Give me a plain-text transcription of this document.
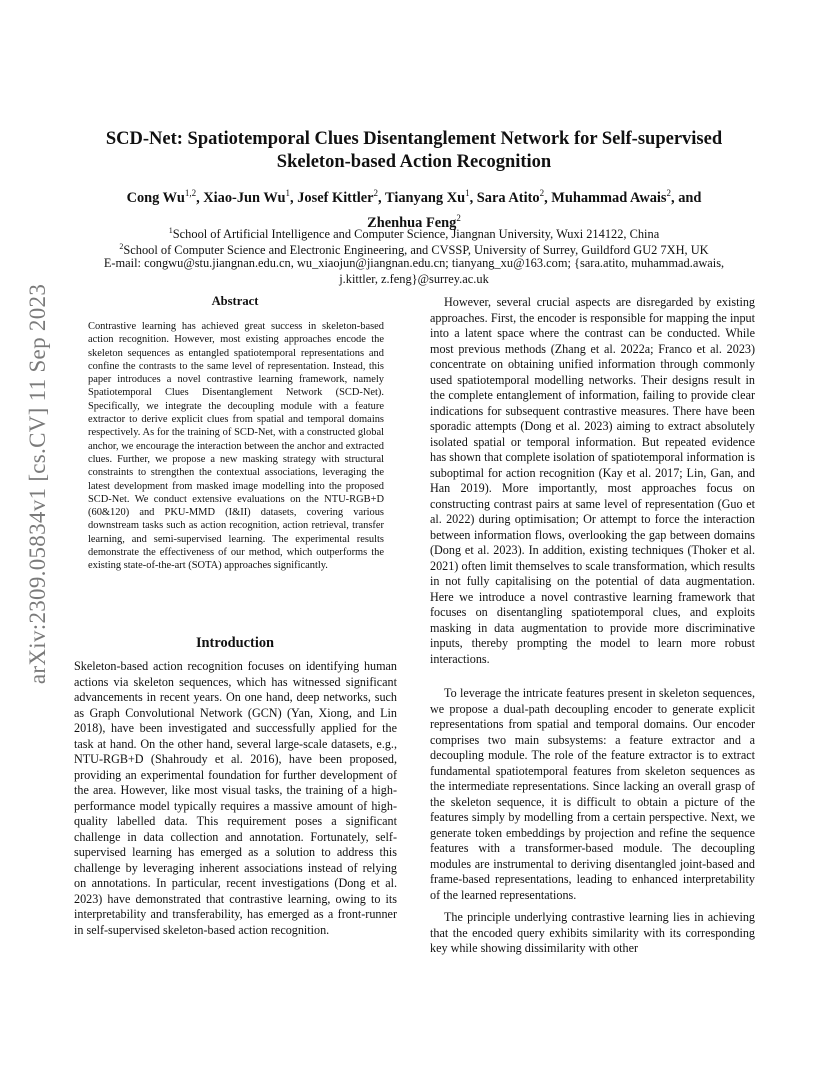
arXiv:2309.05834v1 [cs.CV] 11 Sep 2023
SCD-Net: Spatiotemporal Clues Disentanglement Network for Self-supervised
Skeleton-based Action Recognition
Cong Wu$^{1,2}$, Xiao-Jun Wu$^1$, Josef Kittler$^2$, Tianyang Xu$^1$, Sara Atito$^2$, Muhammad Awais$^2$, and
Zhenhua Feng$^2$

$^1$School of Artificial Intelligence and Computer Science, Jiangnan University, Wuxi 214122, China

$^2$School of Computer Science and Electronic Engineering, and CVSSP, University of Surrey, Guildford GU2 7XH, UK

E-mail: congwu@stu.jiangnan.edu.cn, wu_xiaojun@jiangnan.edu.cn; tianyang_xu@163.com; {sara.atito, muhammad.awais,

j.kittler, z.feng}@surrey.ac.uk

Abstract

Contrastive learning has achieved great success in skeleton-based action recognition. However, most existing approaches encode the skeleton sequences as entangled spatiotemporal representations and confine the contrasts to the same level of representation. Instead, this paper introduces a novel contrastive learning framework, namely Spatiotemporal Clues Disentanglement Network (SCD-Net). Specifically, we integrate the decoupling module with a feature extractor to derive explicit clues from spatial and temporal domains respectively. As for the training of SCD-Net, with a constructed global anchor, we encourage the interaction between the anchor and extracted clues. Further, we propose a new masking strategy with structural constraints to strengthen the contextual associations, leveraging the latest development from masked image modelling into the proposed SCD-Net. We conduct extensive evaluations on the NTU-RGB+D (60&120) and PKU-MMD (I&II) datasets, covering various downstream tasks such as action recognition, action retrieval, transfer learning, and semi-supervised learning. The experimental results demonstrate the effectiveness of our method, which outperforms the existing state-of-the-art (SOTA) approaches significantly.

Introduction

Skeleton-based action recognition focuses on identifying human actions via skeleton sequences, which has witnessed significant advancements in recent years. On one hand, deep networks, such as Graph Convolutional Network (GCN) (Yan, Xiong, and Lin 2018), have been investigated and successfully applied for the task at hand. On the other hand, several large-scale datasets, e.g., NTU-RGB+D (Shahroudy et al. 2016), have been proposed, providing an experimental foundation for further development of the area. However, like most visual tasks, the training of a high-performance model typically requires a massive amount of high-quality labelled data. This requirement poses a significant challenge in data collection and annotation. Fortunately, self-supervised learning has emerged as a solution to address this challenge by leveraging inherent associations instead of relying on annotations. In particular, recent investigations (Dong et al. 2023) have demonstrated that contrastive learning, owing to its interpretability and transferability, has emerged as a front-runner in self-supervised skeleton-based action recognition.

However, several crucial aspects are disregarded by existing approaches. First, the encoder is responsible for mapping the input into a latent space where the contrast can be conducted. While most previous methods (Zhang et al. 2022a; Franco et al. 2023) concentrate on obtaining unified information through commonly used spatiotemporal modelling networks. Their designs result in the complete entanglement of information, failing to provide clear indications for subsequent contrastive measures. There have been sporadic attempts (Dong et al. 2023) aiming to extract absolutely isolated spatial or temporal information. But repeated evidence has shown that complete isolation of spatiotemporal information is suboptimal for action recognition (Kay et al. 2017; Lin, Gan, and Han 2019). More importantly, most approaches focus on constructing contrast pairs at same level of representation (Guo et al. 2022) during optimisation; Or attempt to force the interaction between information flows, overlooking the gap between domains (Dong et al. 2023). In addition, existing techniques (Thoker et al. 2021) often limit themselves to scale transformation, which results in not fully capitalising on the potential of data augmentation. Here we introduce a novel contrastive learning framework that focuses on disentangling spatiotemporal clues, and exploits masking in data augmentation to provide more discriminative inputs, thereby prompting the model to learn more robust interactions.

To leverage the intricate features present in skeleton sequences, we propose a dual-path decoupling encoder to generate explicit representations from spatial and temporal domains. Our encoder comprises two main subsystems: a feature extractor and a decoupling module. The role of the feature extractor is to extract fundamental spatiotemporal features from skeleton sequences as the intermediate representations. Since lacking an overall grasp of the skeleton sequence, it is difficult to obtain a picture of the features simply by modelling from a certain perspective. Next, we generate token embeddings by projection and refine the sequence features with a transformer-based module. The decoupling modules are instrumental to deriving disentangled joint-based and frame-based representations, leading to enhanced interpretability of the learned representations.

The principle underlying contrastive learning lies in achieving that the encoded query exhibits similarity with its corresponding key while showing dissimilarity with other
